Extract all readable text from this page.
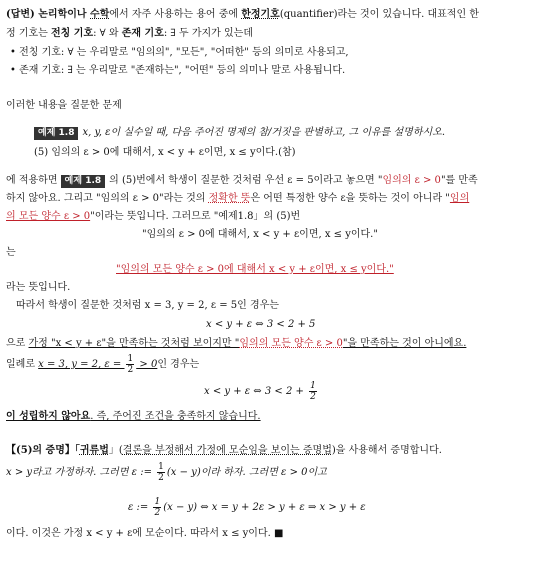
(답변) 논리학이나 수학에서 자주 사용하는 용어 중에 한정기호(quantifier)라는 것이 있습니다. 대표적인 한
정 기호는 전칭 기호: ∀ 와 존재 기호: ∃ 두 가지가 있는데
• 전칭 기호: ∀ 는 우리말로 "임의의", "모든", "어떠한" 등의 의미로 사용되고,
• 존재 기호: ∃ 는 우리말로 "존재하는", "어떤" 등의 의미나 말로 사용됩니다.
이러한 내용을 질문한 문제
예제 1.8 x, y, ε이 실수일 때, 다음 주어진 명제의 참/거짓을 판별하고, 그 이유를 설명하시오.
(5) 임의의 ε > 0에 대해서, x < y + ε이면, x ≤ y이다.(참)
에 적용하면 예제 1.8 의 (5)번에서 학생이 질문한 것처럼 우선 ε = 5이라고 놓으면 "임의의 ε > 0"를 만족
하지 않아요. 그리고 "임의의 ε > 0"라는 것의 정확한 뜻은 어떤 특정한 양수 ε을 뜻하는 것이 아니라 "임의
의 모든 양수 ε > 0"이라는 뜻입니다. 그러므로 "예제1.8」의 (5)번
"임의의 ε > 0에 대해서, x < y + ε이면, x ≤ y이다."
는
"임의의 모든 양수 ε > 0에 대해서 x < y + ε이면, x ≤ y이다."
라는 뜻입니다.
따라서 학생이 질문한 것처럼 x = 3, y = 2, ε = 5인 경우는
x < y + ε ⇔ 3 < 2 + 5
으로 가정 "x < y + ε"을 만족하는 것처럼 보이지만 "임의의 모든 양수 ε > 0"을 만족하는 것이 아니에요.
일례로 x = 3, y = 2, $\varepsilon = \frac{1}{2} > 0$인 경우는
x < y + ε ⇔ $3 < 2 + \frac{1}{2}$
이 성립하지 않아요. 즉, 주어진 조건을 충족하지 않습니다.
【(5)의 증명】「귀류법」(결론을 부정해서 가정에 모순임을 보이는 증명법)을 사용해서 증명합니다.
x > y라고 가정하자. 그러면 ε := $\frac{1}{2} (x - y)$이라 하자. 그러면 ε > 0이고
ε := $\frac{1}{2} (x - y)$ ⇔ x = y + 2ε > y + ε ⇒ x > y + ε
이다. 이것은 가정 x < y + ε에 모순이다. 따라서 x ≤ y이다. ■
